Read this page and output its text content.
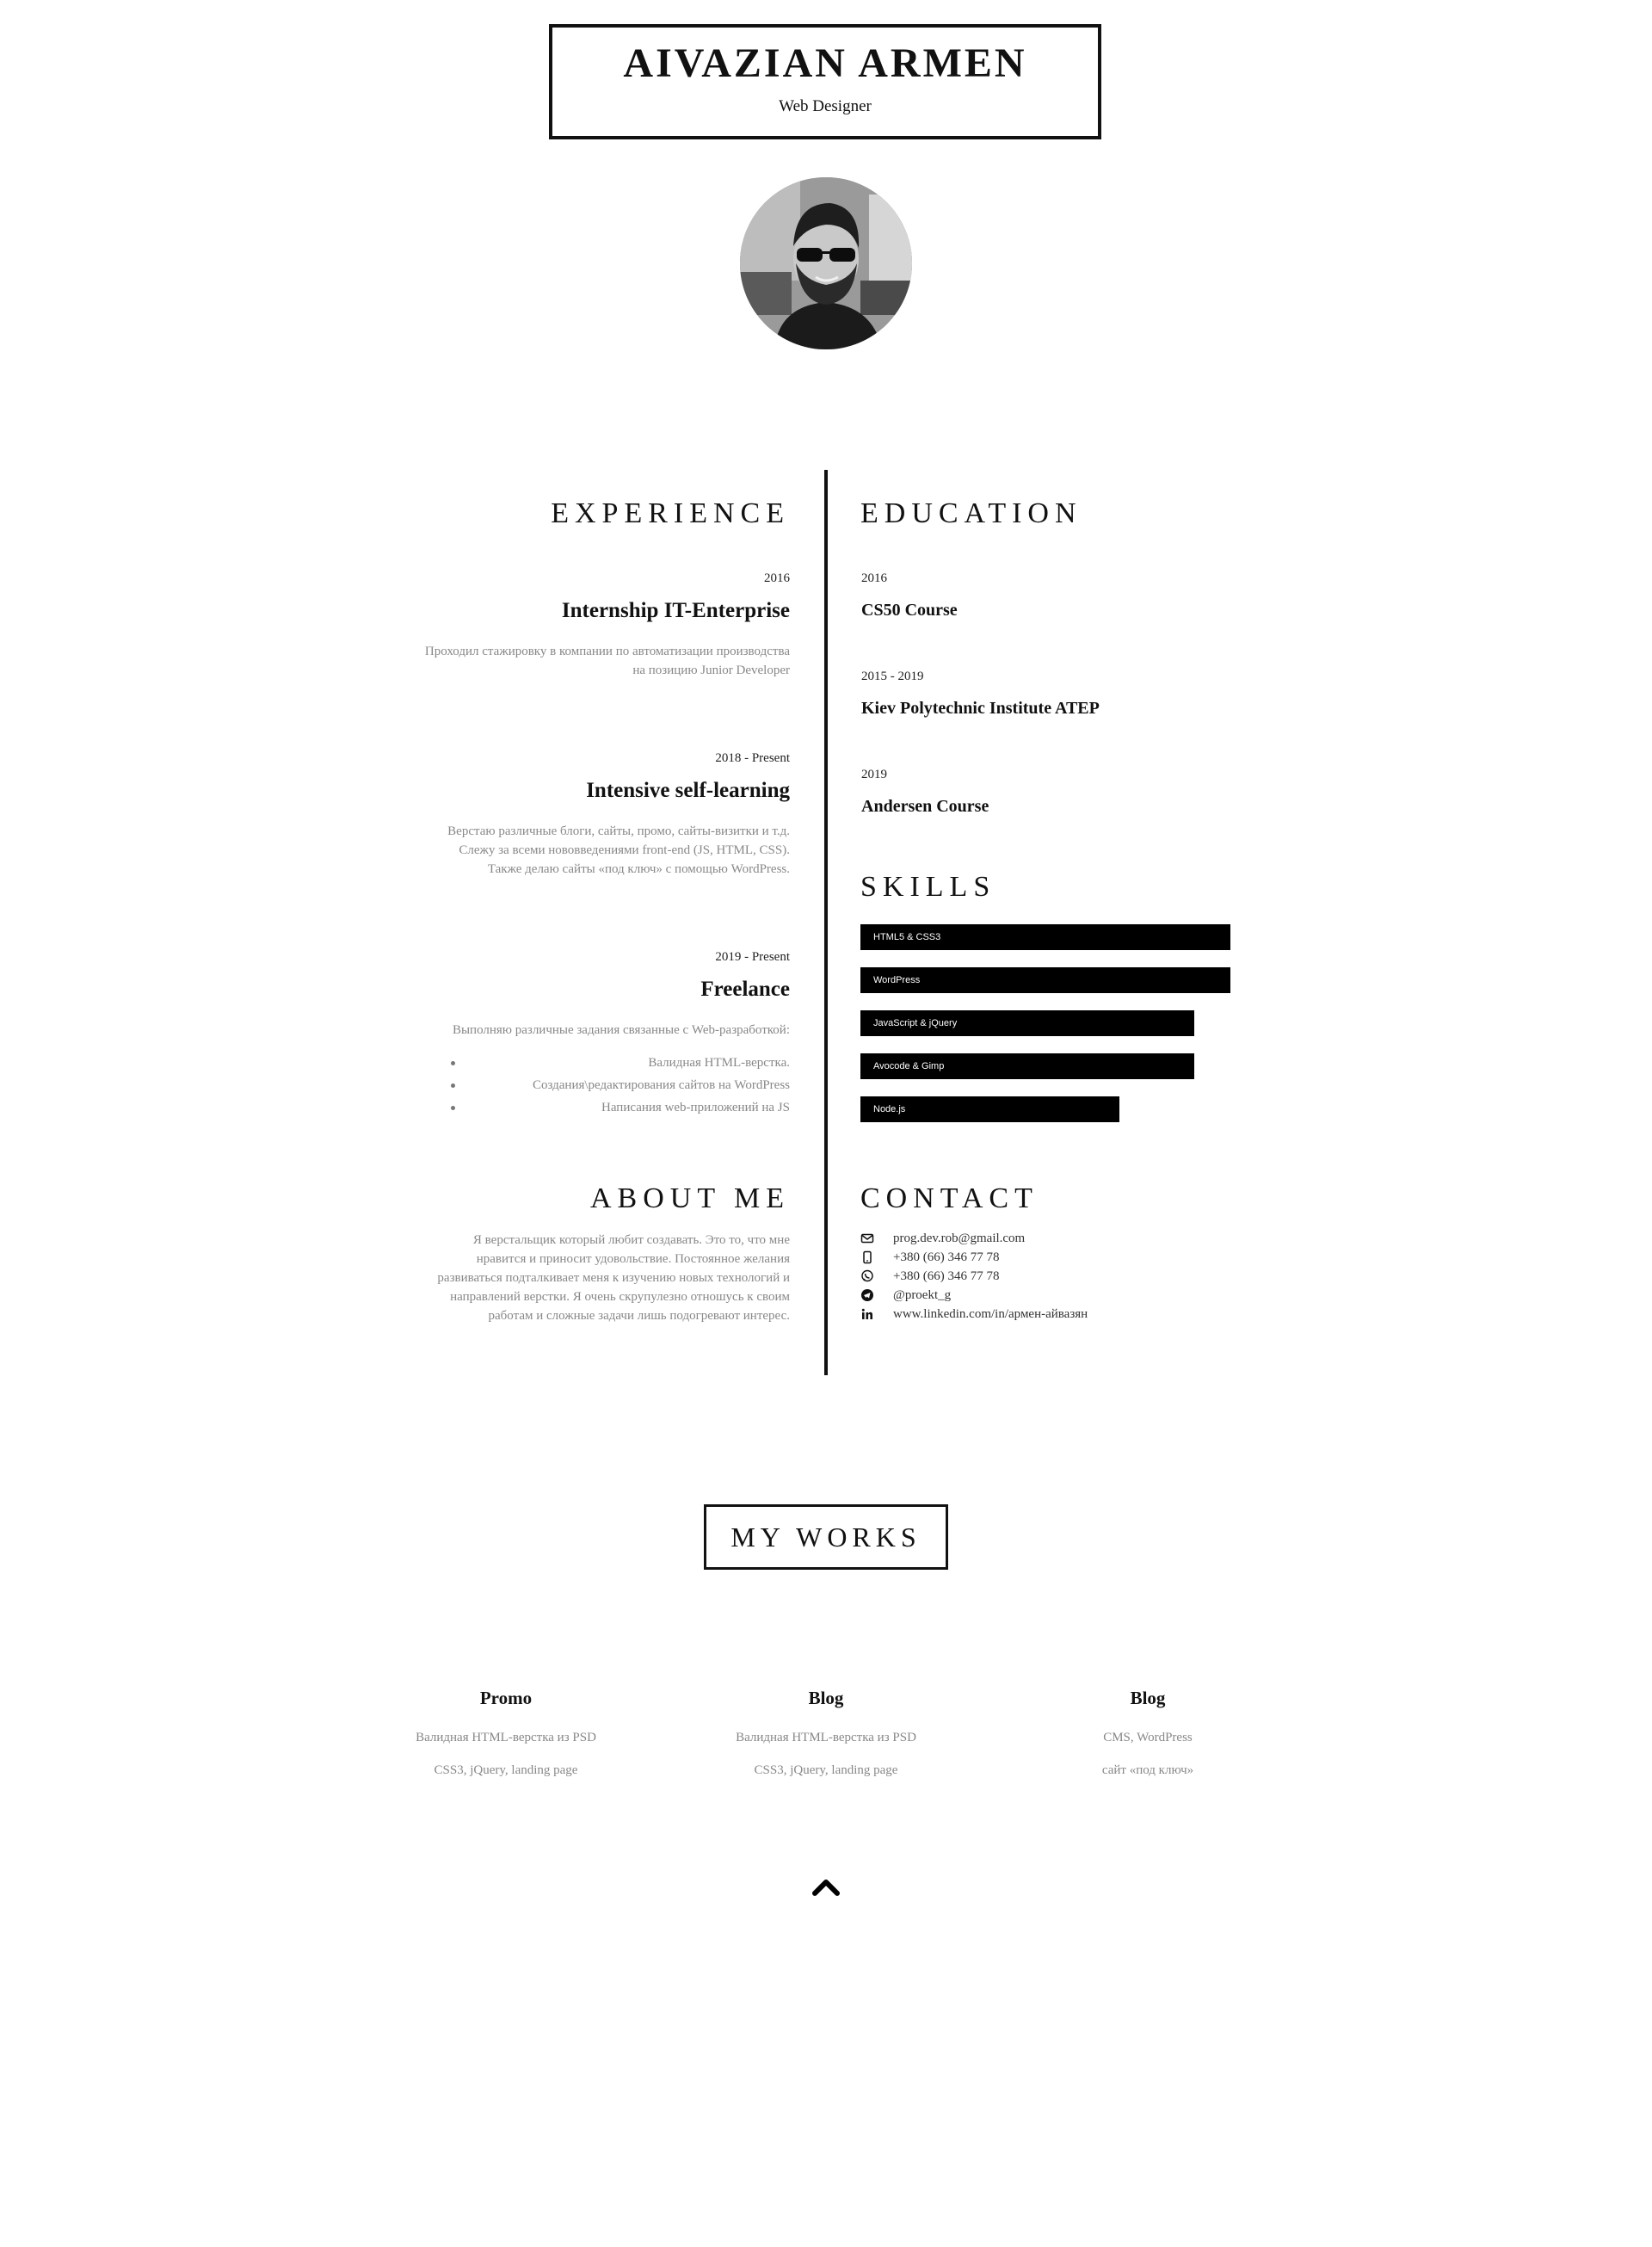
AIVAZIAN ARMEN
Web Designer
EXPERIENCE
2016
Internship IT-Enterprise
Проходил стажировку в компании по автоматизации производства
на позицию Junior Developer
2018 - Present
Intensive self-learning
Верстаю различные блоги, сайты, промо, сайты-визитки и т.д.
Слежу за всеми нововведениями front-end (JS, HTML, CSS).
Также делаю сайты «под ключ» с помощью WordPress.
2019 - Present
Freelance
Выполняю различные задания связанные с Web-разработкой:
Валидная HTML-верстка.
Создания\редактирования сайтов на WordPress
Написания web-приложений на JS
ABOUT ME
Я верстальщик который любит создавать. Это то, что мне
нравится и приносит удовольствие. Постоянное желания
развиваться подталкивает меня к изучению новых технологий и
направлений верстки. Я очень скрупулезно отношусь к своим
работам и сложные задачи лишь подогревают интерес.
EDUCATION
2016
CS50 Course
2015 - 2019
Kiev Polytechnic Institute ATEP
2019
Andersen Course
SKILLS
HTML5 & CSS3
WordPress
JavaScript & jQuery
Avocode & Gimp
Node.js
CONTACT
prog.dev.rob@gmail.com
+380 (66) 346 77 78
+380 (66) 346 77 78
@proekt_g
www.linkedin.com/in/армен-айвазян
MY WORKS
Promo
Валидная HTML-верстка из PSD
CSS3, jQuery, landing page
Blog
Валидная HTML-верстка из PSD
CSS3, jQuery, landing page
Blog
CMS, WordPress
сайт «под ключ»
